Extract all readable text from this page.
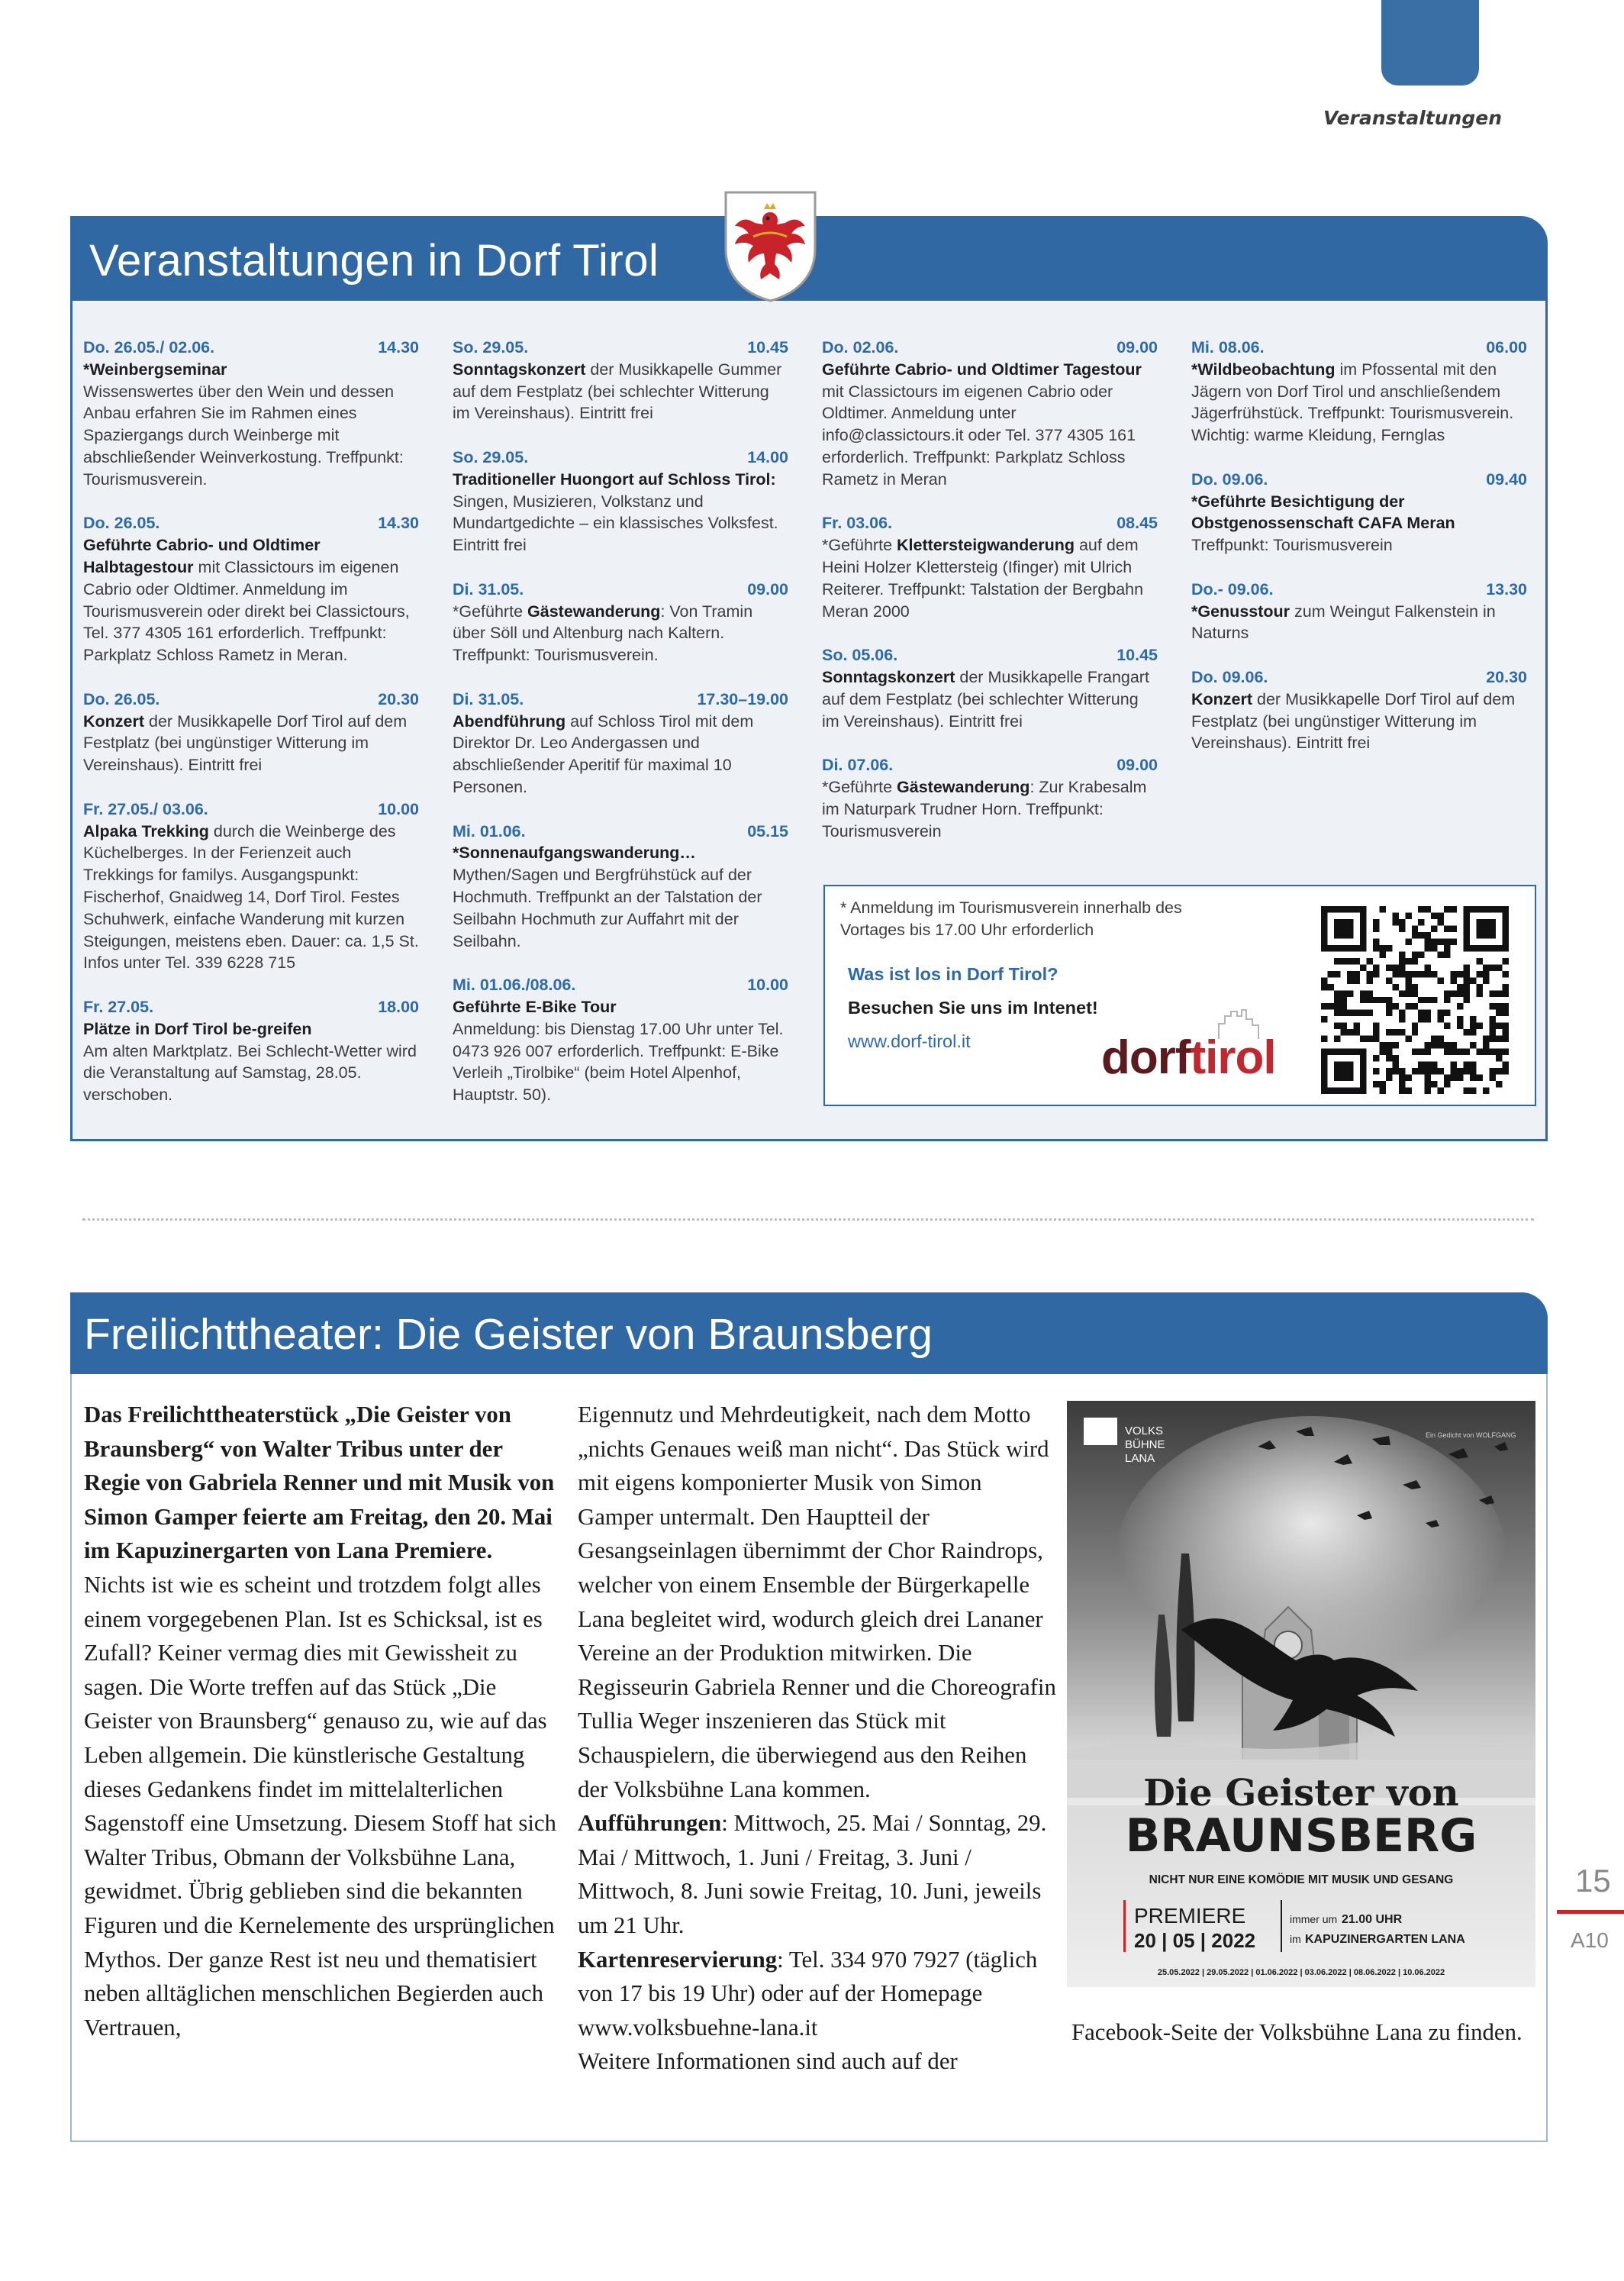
Veranstaltungen
Veranstaltungen in Dorf Tirol
Do. 26.05./ 02.06.	14.30
*Weinbergseminar
Wissenswertes über den Wein und dessen Anbau erfahren Sie im Rahmen eines Spaziergangs durch Weinberge mit abschließender Weinverkostung. Treffpunkt: Tourismusverein.
Do. 26.05.	14.30
Geführte Cabrio- und Oldtimer Halbtagestour mit Classictours im eigenen Cabrio oder Oldtimer. Anmeldung im Tourismusverein oder direkt bei Classictours, Tel. 377 4305 161 erforderlich. Treffpunkt: Parkplatz Schloss Rametz in Meran.
Do. 26.05.	20.30
Konzert der Musikkapelle Dorf Tirol auf dem Festplatz (bei ungünstiger Witterung im Vereinshaus). Eintritt frei
Fr. 27.05./ 03.06.	10.00
Alpaka Trekking durch die Weinberge des Küchelberges. In der Ferienzeit auch Trekkings for familys. Ausgangspunkt: Fischerhof, Gnaidweg 14, Dorf Tirol. Festes Schuhwerk, einfache Wanderung mit kurzen Steigungen, meistens eben. Dauer: ca. 1,5 St. Infos unter Tel. 339 6228 715
Fr. 27.05.	18.00
Plätze in Dorf Tirol be-greifen
Am alten Marktplatz. Bei Schlecht-Wetter wird die Veranstaltung auf Samstag, 28.05. verschoben.
So. 29.05.	10.45
Sonntagskonzert der Musikkapelle Gummer auf dem Festplatz (bei schlechter Witterung im Vereinshaus). Eintritt frei
So. 29.05.	14.00
Traditioneller Huongort auf Schloss Tirol:
Singen, Musizieren, Volkstanz und Mundartgedichte – ein klassisches Volksfest. Eintritt frei
Di. 31.05.	09.00
*Geführte Gästewanderung: Von Tramin über Söll und Altenburg nach Kaltern. Treffpunkt: Tourismusverein.
Di. 31.05.	17.30–19.00
Abendführung auf Schloss Tirol mit dem Direktor Dr. Leo Andergassen und abschließender Aperitif für maximal 10 Personen.
Mi. 01.06.	05.15
*Sonnenaufgangswanderung…
Mythen/Sagen und Bergfrühstück auf der Hochmuth. Treffpunkt an der Talstation der Seilbahn Hochmuth zur Auffahrt mit der Seilbahn.
Mi. 01.06./08.06.	10.00
Geführte E-Bike Tour
Anmeldung: bis Dienstag 17.00 Uhr unter Tel. 0473 926 007 erforderlich. Treffpunkt: E-Bike Verleih „Tirolbike“ (beim Hotel Alpenhof, Hauptstr. 50).
Do. 02.06.	09.00
Geführte Cabrio- und Oldtimer Tagestour
mit Classictours im eigenen Cabrio oder Oldtimer. Anmeldung unter info@classictours.it oder Tel. 377 4305 161 erforderlich. Treffpunkt: Parkplatz Schloss Rametz in Meran
Fr. 03.06.	08.45
*Geführte Klettersteigwanderung auf dem Heini Holzer Klettersteig (Ifinger) mit Ulrich Reiterer. Treffpunkt: Talstation der Bergbahn Meran 2000
So. 05.06.	10.45
Sonntagskonzert der Musikkapelle Frangart auf dem Festplatz (bei schlechter Witterung im Vereinshaus). Eintritt frei
Di. 07.06.	09.00
*Geführte Gästewanderung: Zur Krabesalm im Naturpark Trudner Horn. Treffpunkt: Tourismusverein
Mi. 08.06.	06.00
*Wildbeobachtung im Pfossental mit den Jägern von Dorf Tirol und anschließendem Jägerfrühstück. Treffpunkt: Tourismusverein. Wichtig: warme Kleidung, Fernglas
Do. 09.06.	09.40
*Geführte Besichtigung der Obstgenossenschaft CAFA Meran
Treffpunkt: Tourismusverein
Do.- 09.06.	13.30
*Genusstour zum Weingut Falkenstein in Naturns
Do. 09.06.	20.30
Konzert der Musikkapelle Dorf Tirol auf dem Festplatz (bei ungünstiger Witterung im Vereinshaus). Eintritt frei
* Anmeldung im Tourismusverein innerhalb des Vortages bis 17.00 Uhr erforderlich
Was ist los in Dorf Tirol?
Besuchen Sie uns im Intenet!
www.dorf-tirol.it	dorftirol
Freilichttheater: Die Geister von Braunsberg

Das Freilichttheaterstück „Die Geister von Braunsberg“ von Walter Tribus unter der Regie von Gabriela Renner und mit Musik von Simon Gamper feierte am Freitag, den 20. Mai im Kapuzinergarten von Lana Premiere.

Nichts ist wie es scheint und trotzdem folgt alles einem vorgegebenen Plan. Ist es Schicksal, ist es Zufall? Keiner vermag dies mit Gewissheit zu sagen. Die Worte treffen auf das Stück „Die Geister von Braunsberg“ genauso zu, wie auf das Leben allgemein. Die künstlerische Gestaltung dieses Gedankens findet im mittelalterlichen Sagenstoff eine Umsetzung. Diesem Stoff hat sich Walter Tribus, Obmann der Volksbühne Lana, gewidmet. Übrig geblieben sind die bekannten Figuren und die Kernelemente des ursprünglichen Mythos. Der ganze Rest ist neu und thematisiert neben alltäglichen menschlichen Begierden auch Vertrauen,

Eigennutz und Mehrdeutigkeit, nach dem Motto „nichts Genaues weiß man nicht“. Das Stück wird mit eigens komponierter Musik von Simon Gamper untermalt. Den Hauptteil der Gesangseinlagen übernimmt der Chor Raindrops, welcher von einem Ensemble der Bürgerkapelle Lana begleitet wird, wodurch gleich drei Lananer Vereine an der Produktion mitwirken. Die Regisseurin Gabriela Renner und die Choreografin Tullia Weger inszenieren das Stück mit Schauspielern, die überwiegend aus den Reihen der Volksbühne Lana kommen.

Aufführungen: Mittwoch, 25. Mai / Sonntag, 29. Mai / Mittwoch, 1. Juni / Freitag, 3. Juni / Mittwoch, 8. Juni sowie Freitag, 10. Juni, jeweils um 21 Uhr.

Kartenreservierung: Tel. 334 970 7927 (täglich von 17 bis 19 Uhr) oder auf der Homepage www.volksbuehne-lana.it

Weitere Informationen sind auch auf der

VOLKS
BÜHNE
LANA
Ein Gedicht von WOLFGANG
Die Geister von
BRAUNSBERG
NICHT NUR EINE KOMÖDIE MIT MUSIK UND GESANG
PREMIERE
20 | 05 | 2022
immer um 21.00 UHR
im KAPUZINERGARTEN LANA
25.05.2022 | 29.05.2022 | 01.06.2022 | 03.06.2022 | 08.06.2022 | 10.06.2022
Facebook-Seite der Volksbühne Lana zu finden.
15
A10
